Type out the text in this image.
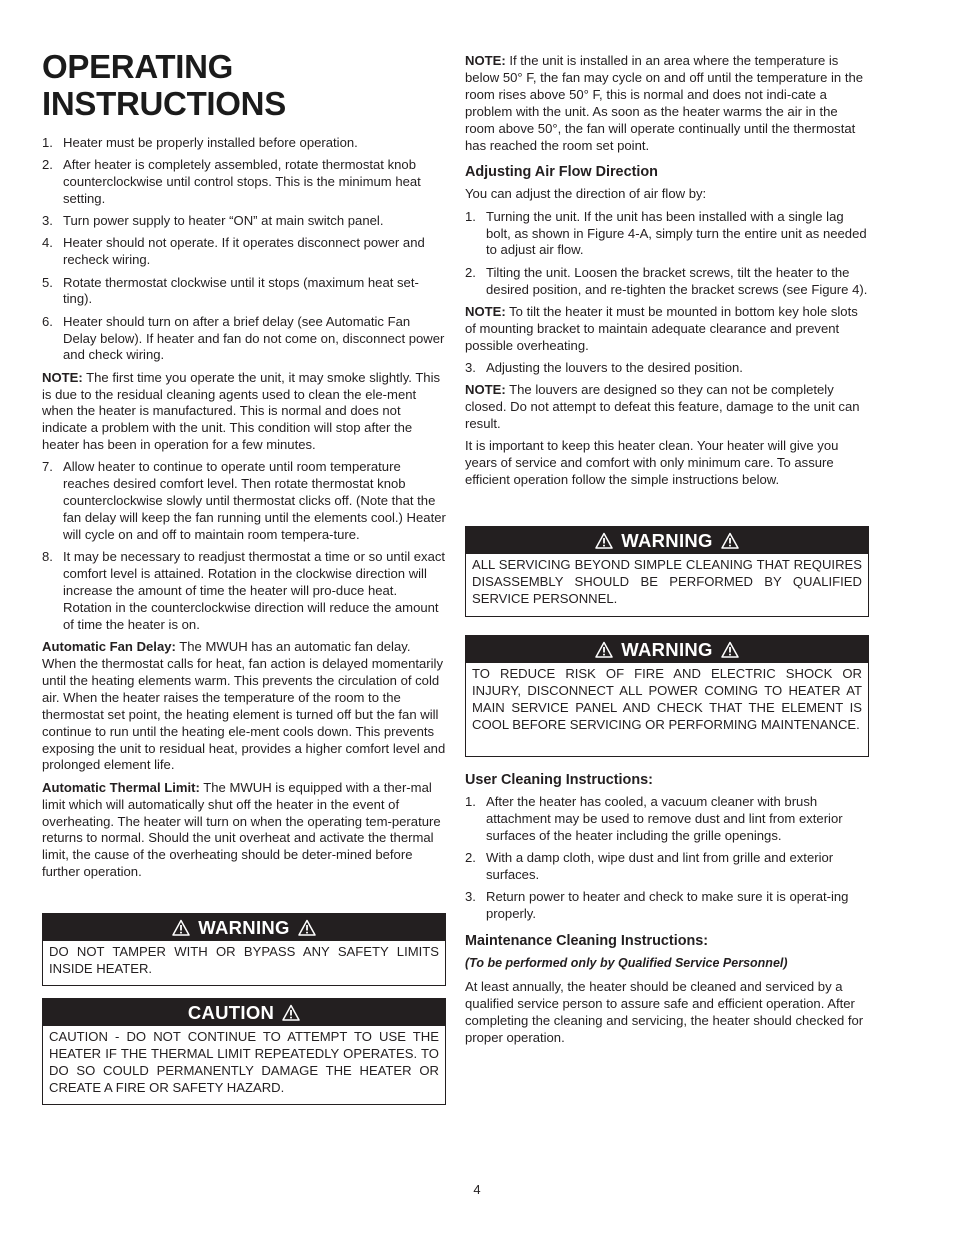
OPERATING
INSTRUCTIONS
1. Heater must be properly installed before operation.
2. After heater is completely assembled, rotate thermostat knob counterclockwise until control stops. This is the minimum heat setting.
3. Turn power supply to heater “ON” at main switch panel.
4. Heater should not operate. If it operates disconnect power and recheck wiring.
5. Rotate thermostat clockwise until it stops (maximum heat set-ting).
6. Heater should turn on after a brief delay (see Automatic Fan Delay below). If heater and fan do not come on, disconnect power and check wiring.

NOTE: The first time you operate the unit, it may smoke slightly. This is due to the residual cleaning agents used to clean the ele-ment when the heater is manufactured. This is normal and does not indicate a problem with the unit. This condition will stop after the heater has been in operation for a few minutes.

7. Allow heater to continue to operate until room temperature reaches desired comfort level. Then rotate thermostat knob counterclockwise slowly until thermostat clicks off. (Note that the fan delay will keep the fan running until the elements cool.) Heater will cycle on and off to maintain room tempera-ture.
8. It may be necessary to readjust thermostat a time or so until exact comfort level is attained. Rotation in the clockwise direction will increase the amount of time the heater will pro-duce heat. Rotation in the counterclockwise direction will reduce the amount of time the heater is on.

Automatic Fan Delay: The MWUH has an automatic fan delay. When the thermostat calls for heat, fan action is delayed momentarily until the heating elements warm. This prevents the circulation of cold air. When the heater raises the temperature of the room to the thermostat set point, the heating element is turned off but the fan will continue to run until the heating ele-ment cools down. This prevents exposing the unit to residual heat, provides a higher comfort level and prolonged element life.

Automatic Thermal Limit: The MWUH is equipped with a ther-mal limit which will automatically shut off the heater in the event of overheating. The heater will turn on when the operating tem-perature returns to normal. Should the unit overheat and activate the thermal limit, the cause of the overheating should be deter-mined before further operation.

WARNING
DO NOT TAMPER WITH OR BYPASS ANY SAFETY LIMITS INSIDE HEATER.
CAUTION
CAUTION - DO NOT CONTINUE TO ATTEMPT TO USE THE HEATER IF THE THERMAL LIMIT REPEATEDLY OPERATES. TO DO SO COULD PERMANENTLY DAMAGE THE HEATER OR CREATE A FIRE OR SAFETY HAZARD.

NOTE: If the unit is installed in an area where the temperature is below 50° F, the fan may cycle on and off until the temperature in the room rises above 50° F, this is normal and does not indi-cate a problem with the unit. As soon as the heater warms the air in the room above 50°, the fan will operate continually until the thermostat has reached the room set point.

Adjusting Air Flow Direction

You can adjust the direction of air flow by:

1. Turning the unit. If the unit has been installed with a single lag bolt, as shown in Figure 4-A, simply turn the entire unit as needed to adjust air flow.
2. Tilting the unit. Loosen the bracket screws, tilt the heater to the desired position, and re-tighten the bracket screws (see Figure 4).

NOTE: To tilt the heater it must be mounted in bottom key hole slots of mounting bracket to maintain adequate clearance and prevent possible overheating.

3. Adjusting the louvers to the desired position.

NOTE: The louvers are designed so they can not be completely closed. Do not attempt to defeat this feature, damage to the unit can result.

It is important to keep this heater clean. Your heater will give you years of service and comfort with only minimum care. To assure efficient operation follow the simple instructions below.

WARNING
ALL SERVICING BEYOND SIMPLE CLEANING THAT REQUIRES DISASSEMBLY SHOULD BE PERFORMED BY QUALIFIED SERVICE PERSONNEL.
WARNING
TO REDUCE RISK OF FIRE AND ELECTRIC SHOCK OR INJURY, DISCONNECT ALL POWER COMING TO HEATER AT MAIN SERVICE PANEL AND CHECK THAT THE ELEMENT IS COOL BEFORE SERVICING OR PERFORMING MAINTENANCE.
User Cleaning Instructions:
1. After the heater has cooled, a vacuum cleaner with brush attachment may be used to remove dust and lint from exterior surfaces of the heater including the grille openings.
2. With a damp cloth, wipe dust and lint from grille and exterior surfaces.
3. Return power to heater and check to make sure it is operat-ing properly.
Maintenance Cleaning Instructions:

(To be performed only by Qualified Service Personnel)

At least annually, the heater should be cleaned and serviced by a qualified service person to assure safe and efficient operation. After completing the cleaning and servicing, the heater should checked for proper operation.

4
